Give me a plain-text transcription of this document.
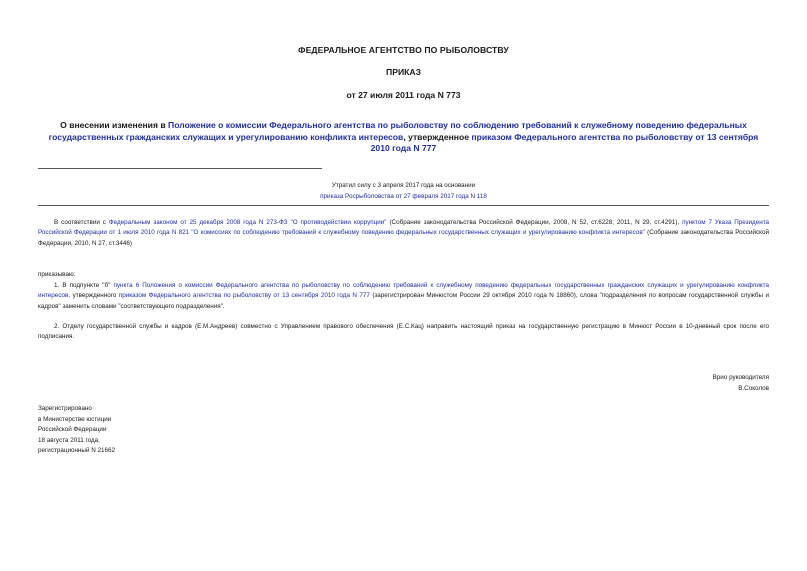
ФЕДЕРАЛЬНОЕ АГЕНТСТВО ПО РЫБОЛОВСТВУ
ПРИКАЗ
от 27 июля 2011 года N 773
О внесении изменения в Положение о комиссии Федерального агентства по рыболовству по соблюдению требований к служебному поведению федеральных государственных гражданских служащих и урегулированию конфликта интересов, утвержденное приказом Федерального агентства по рыболовству от 13 сентября 2010 года N 777
Утратил силу с 3 апреля 2017 года на основании
приказа Росрыболовства от 27 февраля 2017 года N 118
В соответствии с Федеральным законом от 25 декабря 2008 года N 273-ФЗ "О противодействии коррупции" (Собрание законодательства Российской Федерации, 2008, N 52, ст.6228; 2011, N 29, ст.4291), пунктом 7 Указа Президента Российской Федерации от 1 июля 2010 года N 821 "О комиссиях по соблюдению требований к служебному поведению федеральных государственных служащих и урегулированию конфликта интересов" (Собрание законодательства Российской Федерации, 2010, N 27, ст.3446)
приказываю:
1. В подпункте "б" пункта 6 Положения о комиссии Федерального агентства по рыболовству по соблюдению требований к служебному поведению федеральных государственных гражданских служащих и урегулированию конфликта интересов, утвержденного приказом Федерального агентства по рыболовству от 13 сентября 2010 года N 777 (зарегистрирован Минюстом России 29 октября 2010 года N 18860), слова "подразделения по вопросам государственной службы и кадров" заменить словами "соответствующего подразделения".
2. Отделу государственной службы и кадров (Е.М.Андреев) совместно с Управлением правового обеспечения (Е.С.Кац) направить настоящий приказ на государственную регистрацию в Минюст России в 10-дневный срок после его подписания.
Врио руководителя
В.Соколов
Зарегистрировано
в Министерстве юстиции
Российской Федерации
18 августа 2011 года,
регистрационный N 21662
